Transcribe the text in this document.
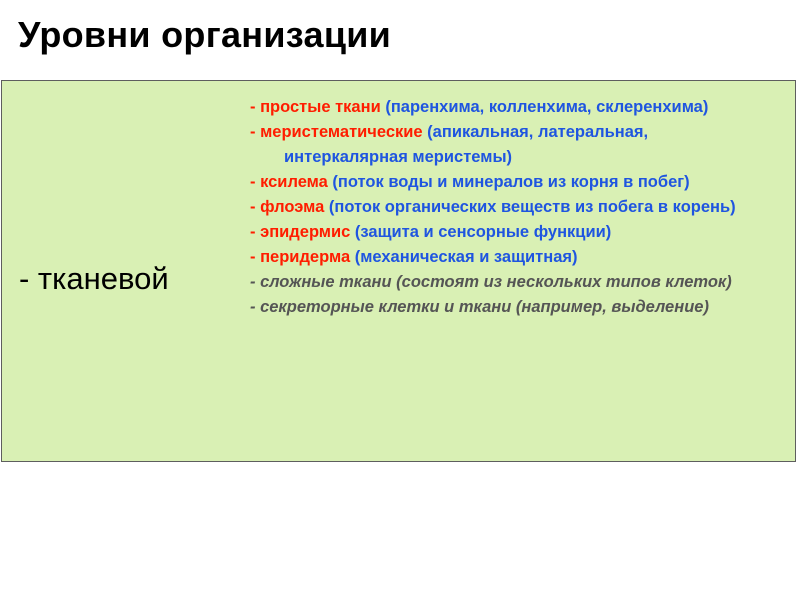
Уровни организации
- тканевой
- простые ткани (паренхима, колленхима, склеренхима)
- меристематические (апикальная, латеральная, интеркалярная меристемы)
- ксилема (поток воды и минералов из корня в побег)
- флоэма (поток органических веществ из побега в корень)
- эпидермис (защита и сенсорные функции)
- перидерма (механическая и защитная)
- сложные ткани (состоят из нескольких типов клеток)
- секреторные клетки и ткани (например, выделение)
